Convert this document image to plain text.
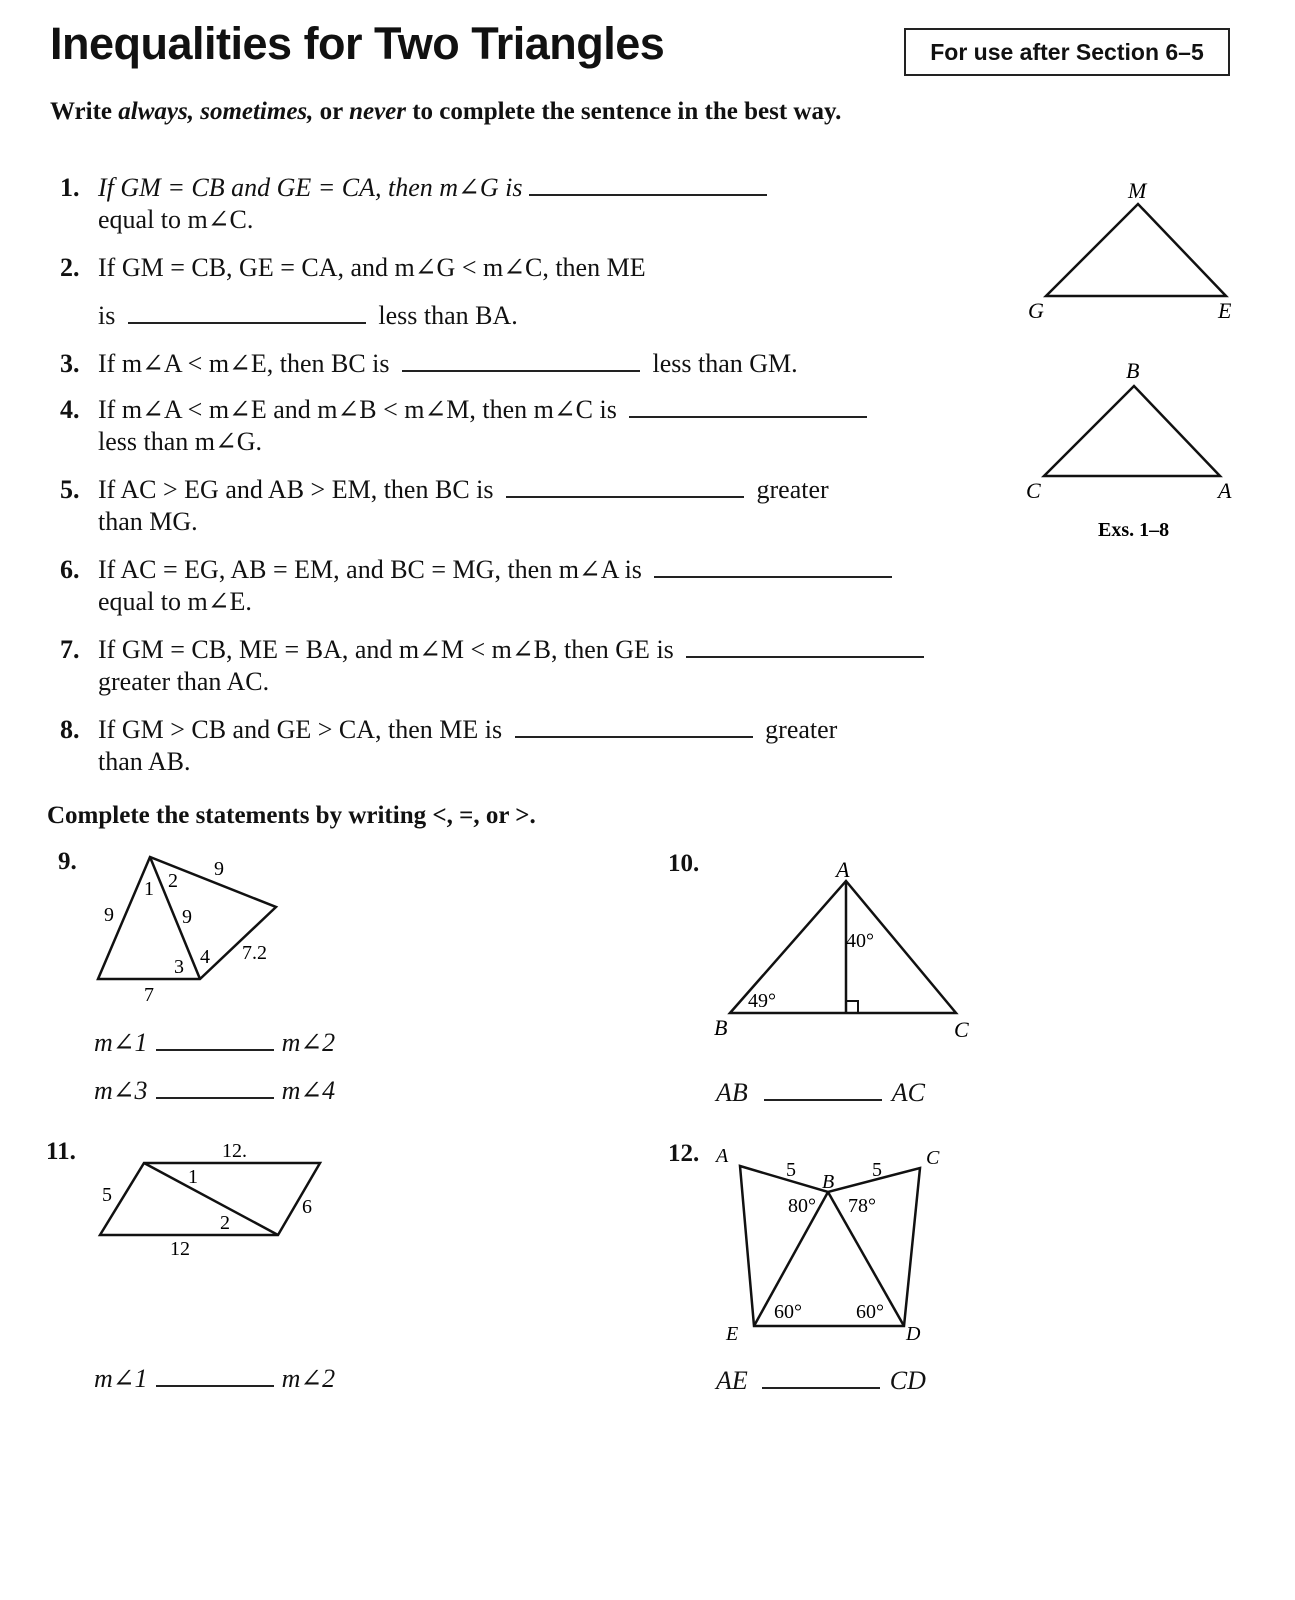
Inequalities for Two Triangles	For use after Section 6–5
Write always, sometimes, or never to complete the sentence in the best way.
1. If GM = CB and GE = CA, then m∠G is
equal to m∠C.
2. If GM = CB, GE = CA, and m∠G < m∠C, then ME
is	less than BA.
3. If m∠A < m∠E, then BC is	less than GM.
4. If m∠A < m∠E and m∠B < m∠M, then m∠C is
less than m∠G.
5. If AC > EG and AB > EM, then BC is	greater
than MG.
6. If AC = EG, AB = EM, and BC = MG, then m∠A is
equal to m∠E.
7. If GM = CB, ME = BA, and m∠M < m∠B, then GE is
greater than AC.
8. If GM > CB and GE > CA, then ME is	greater
than AB.
M
G	E
B
C	A
Exs. 1–8
Complete the statements by writing <, =, or >.
9.
1 2
3 4
9
9
9
7.2
7
m∠1	m∠2
m∠3	m∠4
10.	A
B	C
40°
49°
AB	AC
11.	12.
12
5
6
1
2
m∠1	m∠2
12. A
B
C
D
E
5	5
80° 78°
60°	60°
AE	CD
